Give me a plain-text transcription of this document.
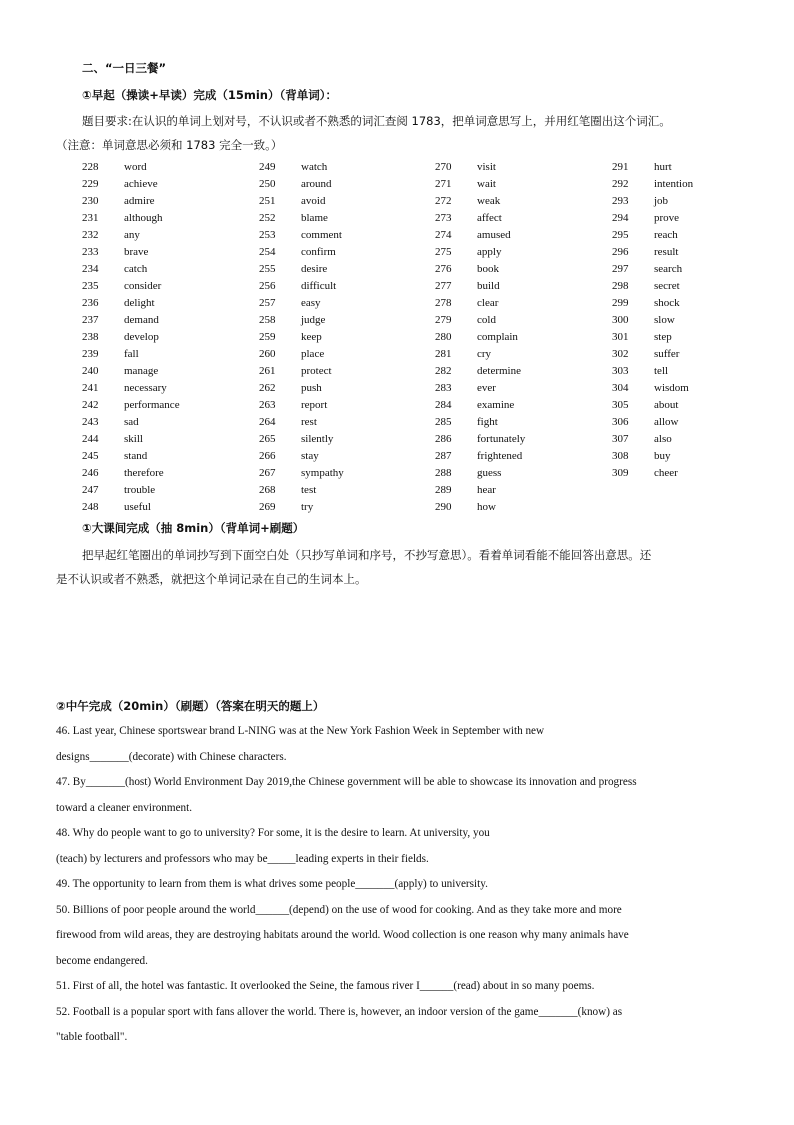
二、“一日三餐”
①早起（操读+早读）完成（15min）（背单词）：
题目要求:在认识的单词上划对号，不认识或者不熟悉的词汇查阅 1783，把单词意思写上，并用红笔圈出这个词汇。
（注意：单词意思必须和 1783 完全一致。）
228 word
229 achieve
230 admire
231 although
232 any
233 brave
234 catch
235 consider
236 delight
237 demand
238 develop
239 fall
240 manage
241 necessary
242 performance
243 sad
244 skill
245 stand
246 therefore
247 trouble
248 useful
249 watch
250 around
251 avoid
252 blame
253 comment
254 confirm
255 desire
256 difficult
257 easy
258 judge
259 keep
260 place
261 protect
262 push
263 report
264 rest
265 silently
266 stay
267 sympathy
268 test
269 try
270 visit
271 wait
272 weak
273 affect
274 amused
275 apply
276 book
277 build
278 clear
279 cold
280 complain
281 cry
282 determine
283 ever
284 examine
285 fight
286 fortunately
287 frightened
288 guess
289 hear
290 how
291 hurt
292 intention
293 job
294 prove
295 reach
296 result
297 search
298 secret
299 shock
300 slow
301 step
302 suffer
303 tell
304 wisdom
305 about
306 allow
307 also
308 buy
309 cheer
①大课间完成（抽 8min）（背单词+刷题）
把早起红笔圈出的单词抄写到下面空白处（只抄写单词和序号，不抄写意思）。看着单词看能不能回答出意思。还
是不认识或者不熟悉，就把这个单词记录在自己的生词本上。
②中午完成（20min）（刷题）（答案在明天的题上）
46. Last year, Chinese sportswear brand L-NING was at the New York Fashion Week in September with new
designs_______(decorate) with Chinese characters.
47. By_______(host) World Environment Day 2019,the Chinese government will be able to showcase its innovation and progress
toward a cleaner environment.
48. Why do people want to go to university? For some, it is the desire to learn. At university, you
(teach) by lecturers and professors who may be_____leading experts in their fields.
49. The opportunity to learn from them is what drives some people_______(apply) to university.
50. Billions of poor people around the world______(depend) on the use of wood for cooking. And as they take more and more
firewood from wild areas, they are destroying habitats around the world. Wood collection is one reason why many animals have
become endangered.
51. First of all, the hotel was fantastic. It overlooked the Seine, the famous river I______(read) about in so many poems.
52. Football is a popular sport with fans allover the world. There is, however, an indoor version of the game_______(know) as
"table football".
